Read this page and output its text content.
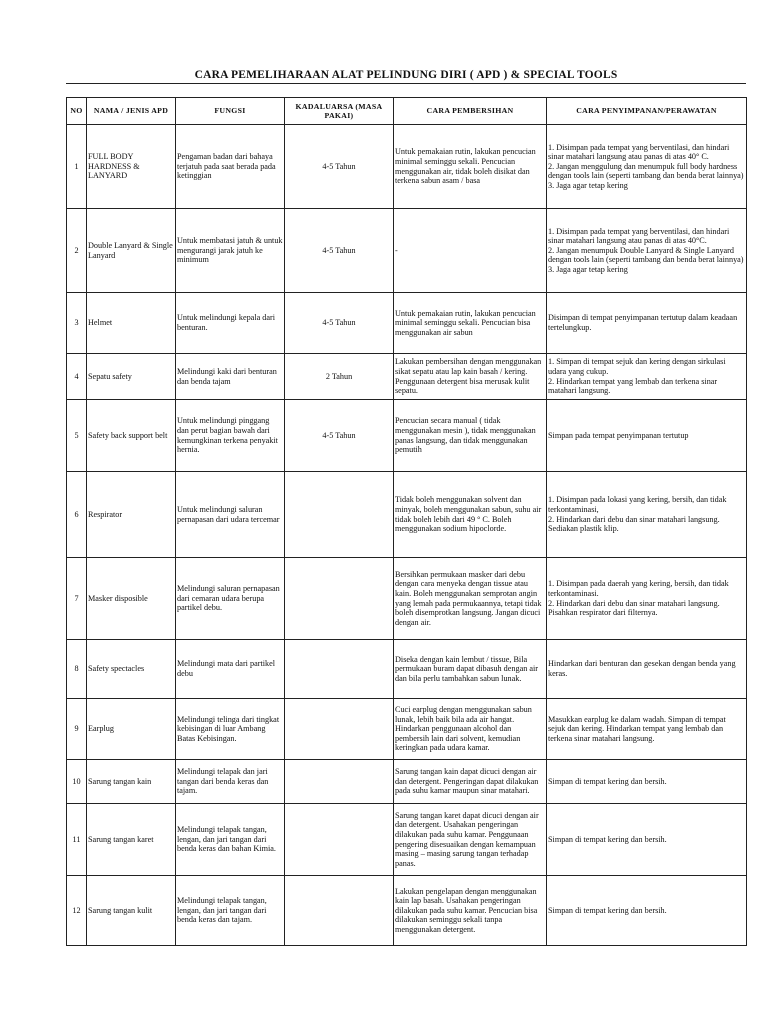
CARA PEMELIHARAAN ALAT PELINDUNG DIRI ( APD ) & SPECIAL TOOLS
NO	NAMA / JENIS APD	FUNGSI	KADALUARSA (MASA PAKAI)	CARA PEMBERSIHAN	CARA PENYIMPANAN/PERAWATAN
1	FULL BODY HARDNESS & LANYARD	Pengaman badan dari bahaya terjatuh pada saat berada pada ketinggian	4-5 Tahun	Untuk pemakaian rutin, lakukan pencucian minimal seminggu sekali. Pencucian menggunakan air, tidak boleh disikat dan terkena sabun asam / basa	1. Disimpan pada tempat yang berventilasi, dan hindari sinar matahari langsung atau panas di atas 40° C.
2. Jangan menggulung dan menumpuk full body hardness dengan tools lain (seperti tambang dan benda berat lainnya)
3. Jaga agar tetap kering

2	Double Lanyard & Single Lanyard	Untuk membatasi jatuh & untuk mengurangi jarak jatuh ke minimum	4-5 Tahun	-	1. Disimpan pada tempat yang berventilasi, dan hindari sinar matahari langsung atau panas di atas 40°C.
2. Jangan menumpuk Double Lanyard & Single Lanyard dengan tools lain (seperti tambang dan benda berat lainnya)
3. Jaga agar tetap kering

3	Helmet	Untuk melindungi kepala dari benturan.	4-5 Tahun	Untuk pemakaian rutin, lakukan pencucian minimal seminggu sekali. Pencucian bisa menggunakan air sabun	Disimpan di tempat penyimpanan tertutup dalam keadaan tertelungkup.

4	Sepatu safety	Melindungi kaki dari benturan dan benda tajam	2 Tahun	Lakukan pembersihan dengan menggunakan sikat sepatu atau lap kain basah / kering. Penggunaan detergent bisa merusak kulit sepatu.	1. Simpan di tempat sejuk dan kering dengan sirkulasi udara yang cukup.
2. Hindarkan tempat yang lembab dan terkena sinar matahari langsung.

5	Safety back support belt	Untuk melindungi pinggang dan perut bagian bawah dari kemungkinan terkena penyakit hernia.	4-5 Tahun	Pencucian secara manual ( tidak menggunakan mesin ), tidak menggunakan panas langsung, dan tidak menggunakan pemutih	Simpan pada tempat penyimpanan tertutup

6	Respirator	Untuk melindungi saluran pernapasan dari udara tercemar		Tidak boleh menggunakan solvent dan minyak, boleh menggunakan sabun, suhu air tidak boleh lebih dari 49 ° C. Boleh menggunakan sodium hipoclorde.	1. Disimpan pada lokasi yang kering, bersih, dan tidak terkontaminasi,
2. Hindarkan dari debu dan sinar matahari langsung. Sediakan plastik klip.

7	Masker disposible	Melindungi saluran pernapasan dari cemaran udara berupa partikel debu.		Bersihkan permukaan masker dari debu dengan cara menyeka dengan tissue atau kain. Boleh menggunakan semprotan angin yang lemah pada permukaannya, tetapi tidak boleh disemprotkan langsung. Jangan dicuci dengan air.	1. Disimpan pada daerah yang kering, bersih, dan tidak terkontaminasi.
2. Hindarkan dari debu dan sinar matahari langsung. Pisahkan respirator dari filternya.

8	Safety spectacles	Melindungi mata dari partikel debu		Diseka dengan kain lembut / tissue, Bila permukaan buram dapat dibasuh dengan air dan bila perlu tambahkan sabun lunak.	Hindarkan dari benturan dan gesekan dengan benda yang keras.

9	Earplug	Melindungi telinga dari tingkat kebisingan di luar Ambang Batas Kebisingan.		Cuci earplug dengan menggunakan sabun lunak, lebih baik bila ada air hangat. Hindarkan penggunaan alcohol dan pembersih lain dari solvent, kemudian keringkan pada udara kamar.	Masukkan earplug ke dalam wadah. Simpan di tempat sejuk dan kering. Hindarkan tempat yang lembab dan terkena sinar matahari langsung.

10	Sarung tangan kain	Melindungi telapak dan jari tangan dari benda keras dan tajam.		Sarung tangan kain dapat dicuci dengan air dan detergent. Pengeringan dapat dilakukan pada suhu kamar maupun sinar matahari.	Simpan di tempat kering dan bersih.

11	Sarung tangan karet	Melindungi telapak tangan, lengan, dan jari tangan dari benda keras dan bahan Kimia.		Sarung tangan karet dapat dicuci dengan air dan detergent. Usahakan pengeringan dilakukan pada suhu kamar. Penggunaan pengering disesuaikan dengan kemampuan masing – masing sarung tangan terhadap panas.	Simpan di tempat kering dan bersih.

12	Sarung tangan kulit	Melindungi telapak tangan, lengan, dan jari tangan dari benda keras dan tajam.		Lakukan pengelapan dengan menggunakan kain lap basah. Usahakan pengeringan dilakukan pada suhu kamar. Pencucian bisa dilakukan seminggu sekali tanpa menggunakan detergent.	Simpan di tempat kering dan bersih.
